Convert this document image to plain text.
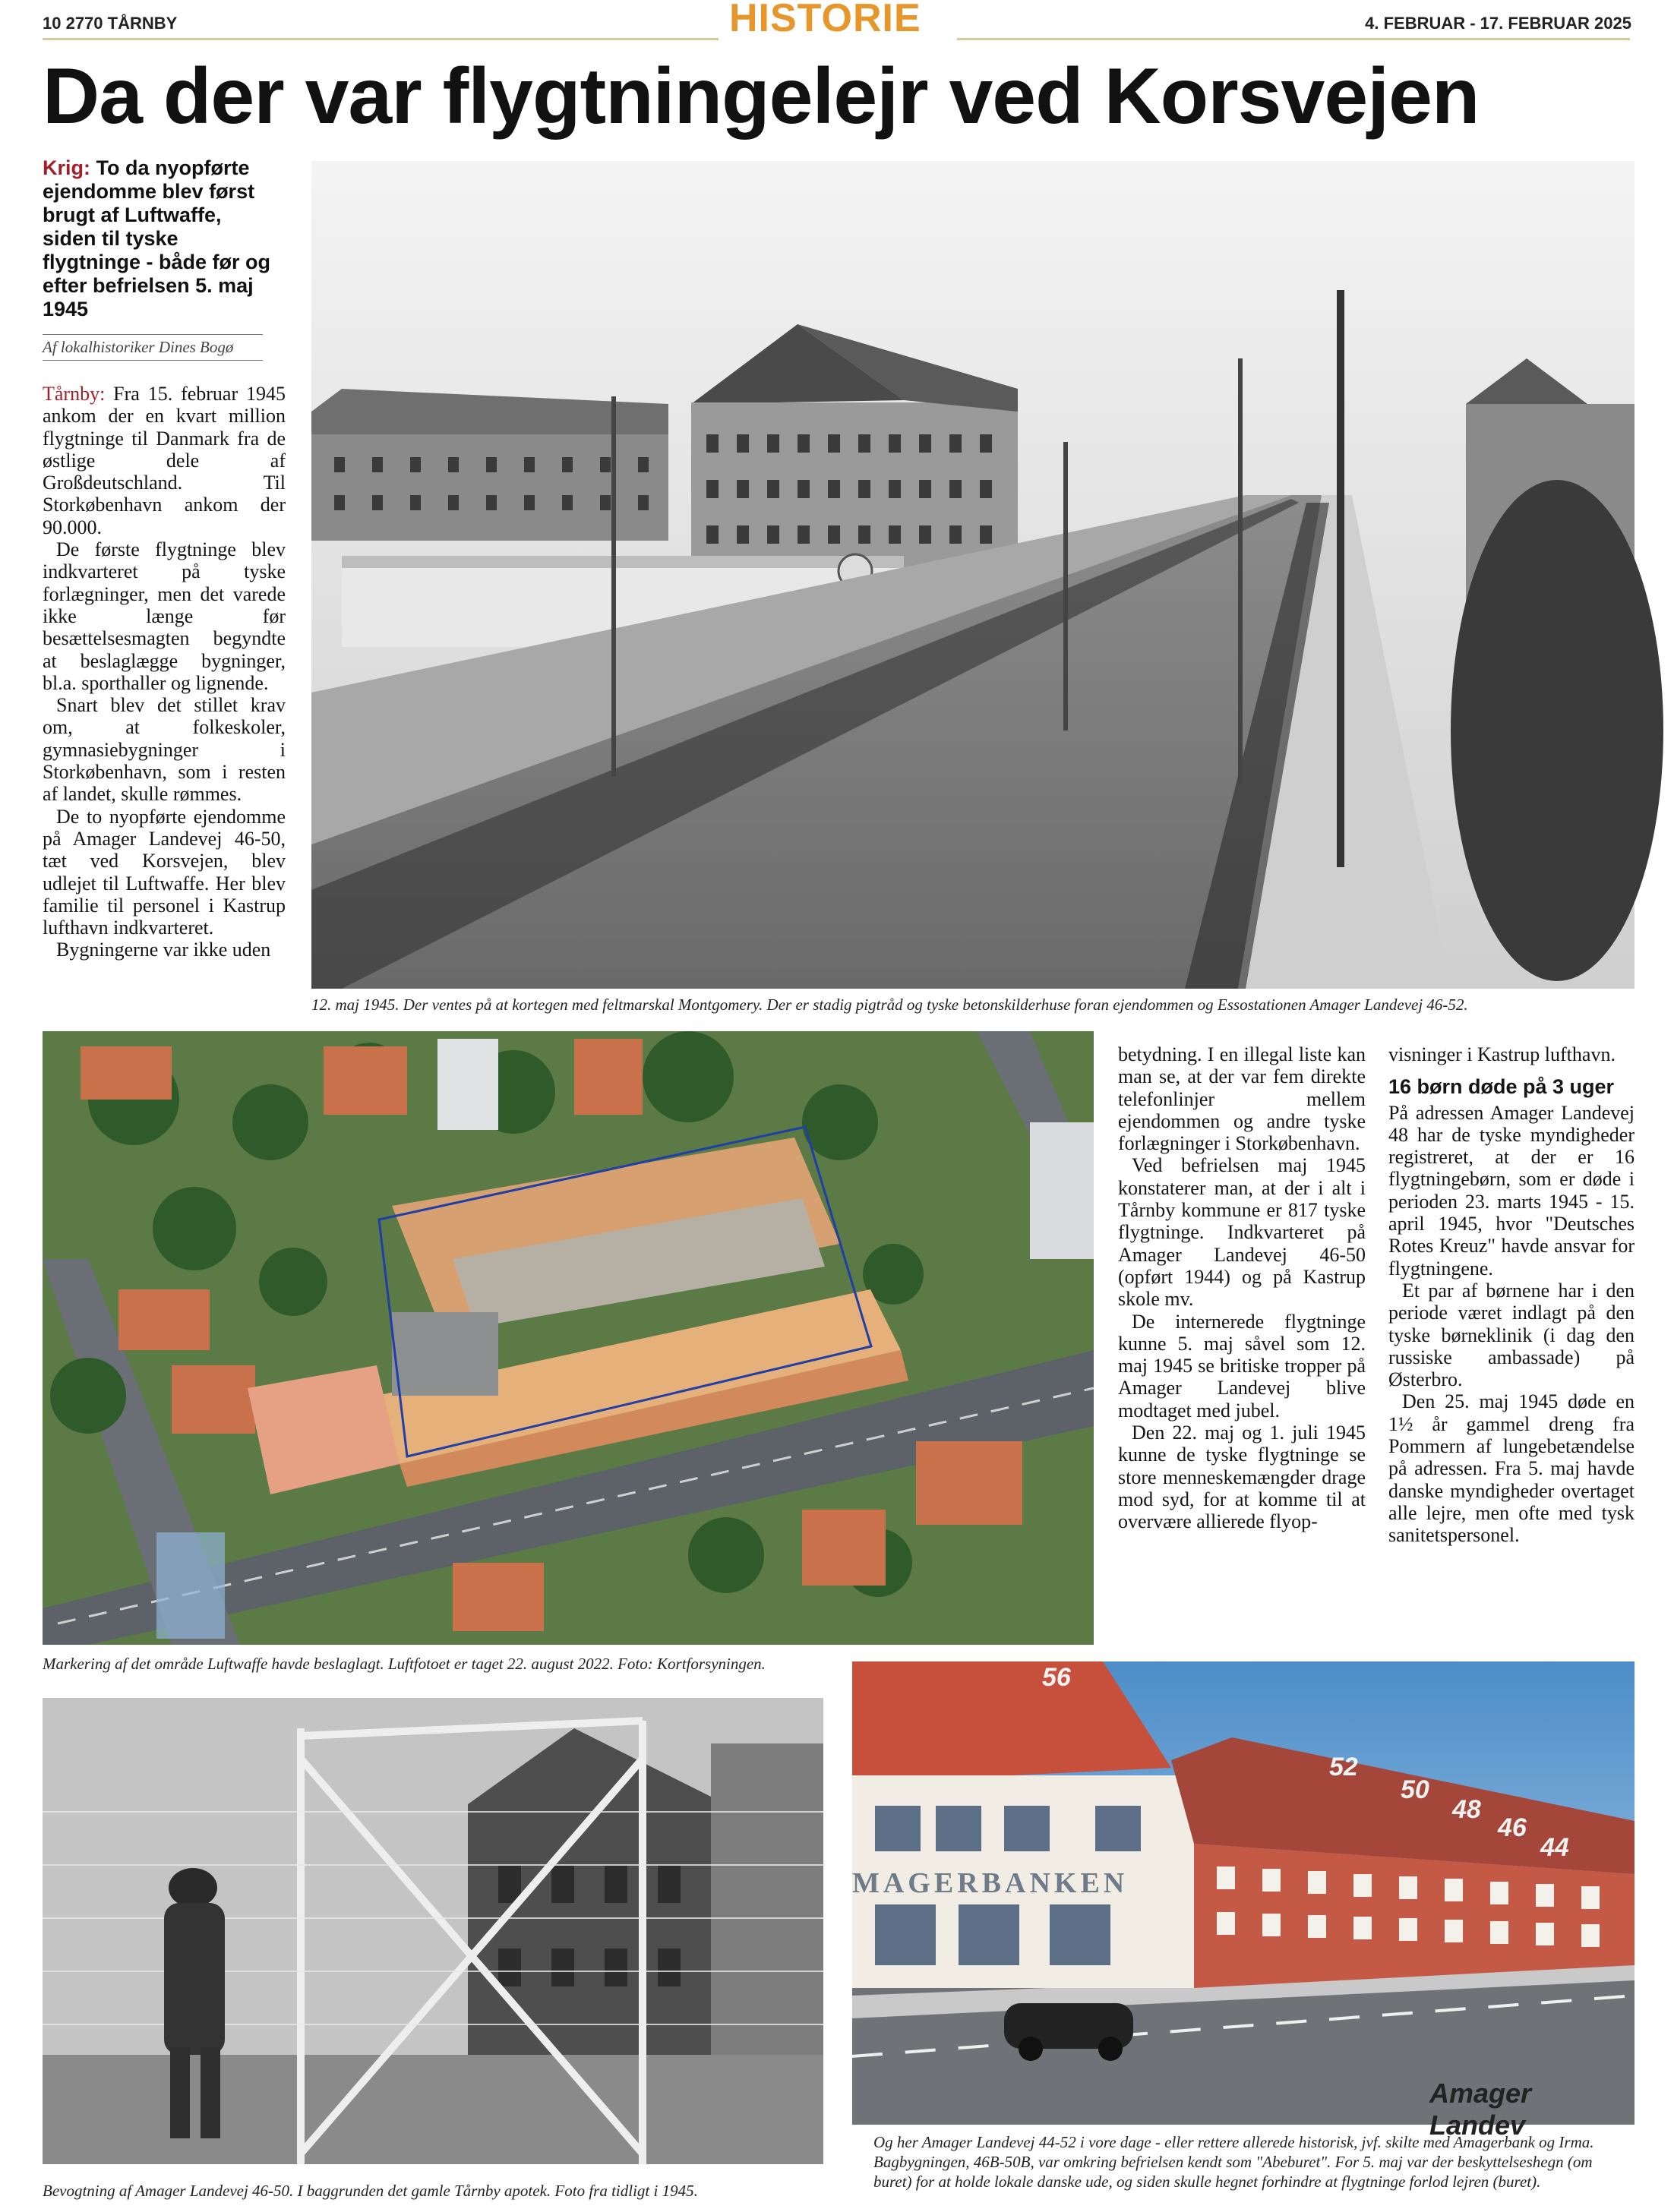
10 2770 TÅRNBY	HISTORIE	4. FEBRUAR - 17. FEBRUAR 2025
Da der var flygtningelejr ved Korsvejen
Krig: To da nyopførte ejendomme blev først brugt af Luftwaffe, siden til tyske flygtninge - både før og efter befrielsen 5. maj 1945
Af lokalhistoriker Dines Bogø

Tårnby: Fra 15. februar 1945 ankom der en kvart million flygtninge til Danmark fra de østlige dele af Großdeutschland. Til Storkøbenhavn ankom der 90.000.

De første flygtninge blev indkvarteret på tyske forlægninger, men det varede ikke længe før besættelsesmagten begyndte at beslaglægge bygninger, bl.a. sporthaller og lignende.

Snart blev det stillet krav om, at folkeskoler, gymnasiebygninger i Storkøbenhavn, som i resten af landet, skulle rømmes.

De to nyopførte ejendomme på Amager Landevej 46-50, tæt ved Korsvejen, blev udlejet til Luftwaffe. Her blev familie til personel i Kastrup lufthavn indkvarteret.

Bygningerne var ikke uden

12. maj 1945. Der ventes på at kortegen med feltmarskal Montgomery. Der er stadig pigtråd og tyske betonskilderhuse foran ejendommen og Essostationen Amager Landevej 46-52.
Markering af det område Luftwaffe havde beslaglagt. Luftfotoet er taget 22. august 2022. Foto: Kortforsyningen.

betydning. I en illegal liste kan man se, at der var fem direkte telefonlinjer mellem ejendommen og andre tyske forlægninger i Storkøbenhavn.

Ved befrielsen maj 1945 konstaterer man, at der i alt i Tårnby kommune er 817 tyske flygtninge. Indkvarteret på Amager Landevej 46-50 (opført 1944) og på Kastrup skole mv.

De internerede flygtninge kunne 5. maj såvel som 12. maj 1945 se britiske tropper på Amager Landevej blive modtaget med jubel.

Den 22. maj og 1. juli 1945 kunne de tyske flygtninge se store menneskemængder drage mod syd, for at komme til at overvære allierede flyop-

visninger i Kastrup lufthavn.

16 børn døde på 3 uger

På adressen Amager Landevej 48 har de tyske myndigheder registreret, at der er 16 flygtningebørn, som er døde i perioden 23. marts 1945 - 15. april 1945, hvor "Deutsches Rotes Kreuz" havde ansvar for flygtningene.

Et par af børnene har i den periode været indlagt på den tyske børneklinik (i dag den russiske ambassade) på Østerbro.

Den 25. maj 1945 døde en 1½ år gammel dreng fra Pommern af lungebetændelse på adressen. Fra 5. maj havde danske myndigheder overtaget alle lejre, men ofte med tysk sanitetspersonel.

Bevogtning af Amager Landevej 46-50. I baggrunden det gamle Tårnby apotek. Foto fra tidligt i 1945.
MAGERBANKEN
56
52
50
48
46
44
Amager Landev
Og her Amager Landevej 44-52 i vore dage - eller rettere allerede historisk, jvf. skilte med Amagerbank og Irma. Bagbygningen, 46B-50B, var omkring befrielsen kendt som "Abeburet". For 5. maj var der beskyttelseshegn (om buret) for at holde lokale danske ude, og siden skulle hegnet forhindre at flygtninge forlod lejren (buret).
